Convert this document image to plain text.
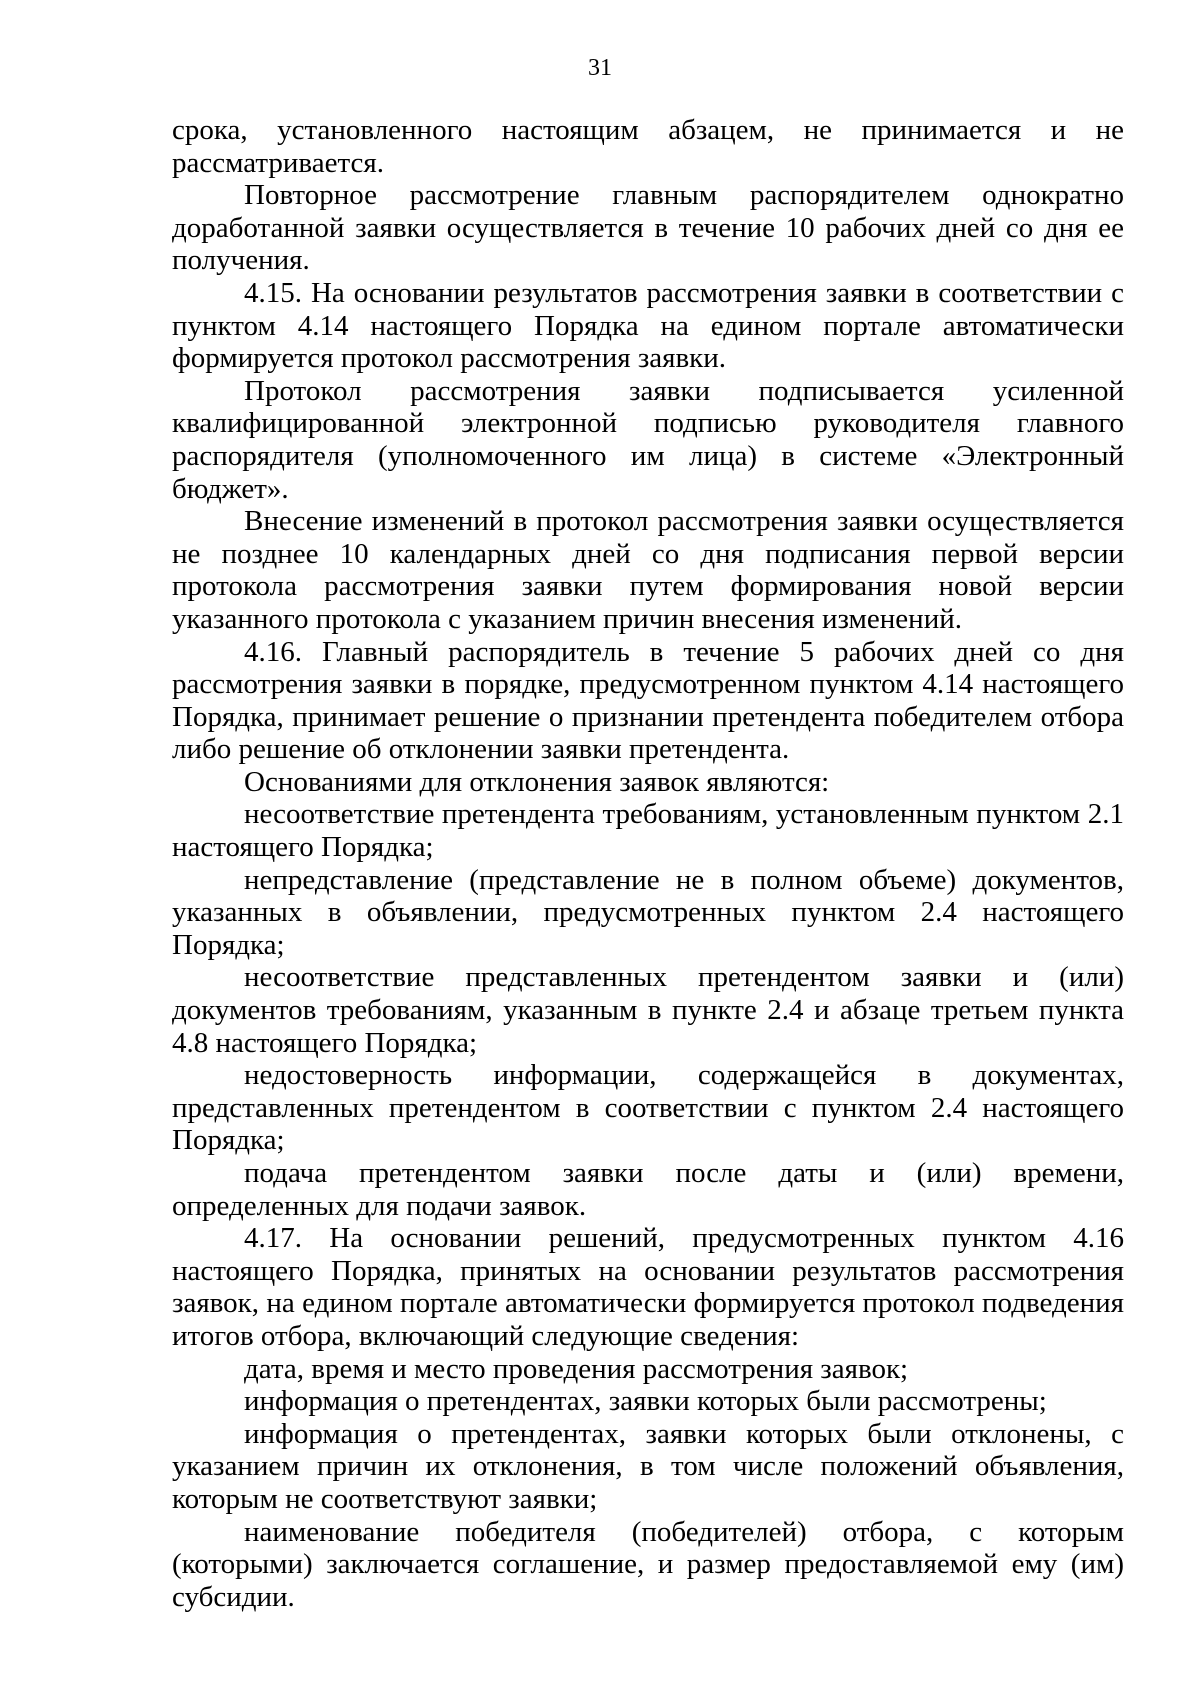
31

срока, установленного настоящим абзацем, не принимается и не рассматривается.

Повторное рассмотрение главным распорядителем однократно доработанной заявки осуществляется в течение 10 рабочих дней со дня ее получения.

4.15. На основании результатов рассмотрения заявки в соответствии с пунктом 4.14 настоящего Порядка на едином портале автоматически формируется протокол рассмотрения заявки.

Протокол рассмотрения заявки подписывается усиленной квалифицированной электронной подписью руководителя главного распорядителя (уполномоченного им лица) в системе «Электронный бюджет».

Внесение изменений в протокол рассмотрения заявки осуществляется не позднее 10 календарных дней со дня подписания первой версии протокола рассмотрения заявки путем формирования новой версии указанного протокола с указанием причин внесения изменений.

4.16. Главный распорядитель в течение 5 рабочих дней со дня рассмотрения заявки в порядке, предусмотренном пунктом 4.14 настоящего Порядка, принимает решение о признании претендента победителем отбора либо решение об отклонении заявки претендента.

Основаниями для отклонения заявок являются:

несоответствие претендента требованиям, установленным пунктом 2.1 настоящего Порядка;

непредставление (представление не в полном объеме) документов, указанных в объявлении, предусмотренных пунктом 2.4 настоящего Порядка;

несоответствие представленных претендентом заявки и (или) документов требованиям, указанным в пункте 2.4 и абзаце третьем пункта 4.8 настоящего Порядка;

недостоверность информации, содержащейся в документах, представленных претендентом в соответствии с пунктом 2.4 настоящего Порядка;

подача претендентом заявки после даты и (или) времени, определенных для подачи заявок.

4.17. На основании решений, предусмотренных пунктом 4.16 настоящего Порядка, принятых на основании результатов рассмотрения заявок, на едином портале автоматически формируется протокол подведения итогов отбора, включающий следующие сведения:

дата, время и место проведения рассмотрения заявок;

информация о претендентах, заявки которых были рассмотрены;

информация о претендентах, заявки которых были отклонены, с указанием причин их отклонения, в том числе положений объявления, которым не соответствуют заявки;

наименование победителя (победителей) отбора, с которым (которыми) заключается соглашение, и размер предоставляемой ему (им) субсидии.
